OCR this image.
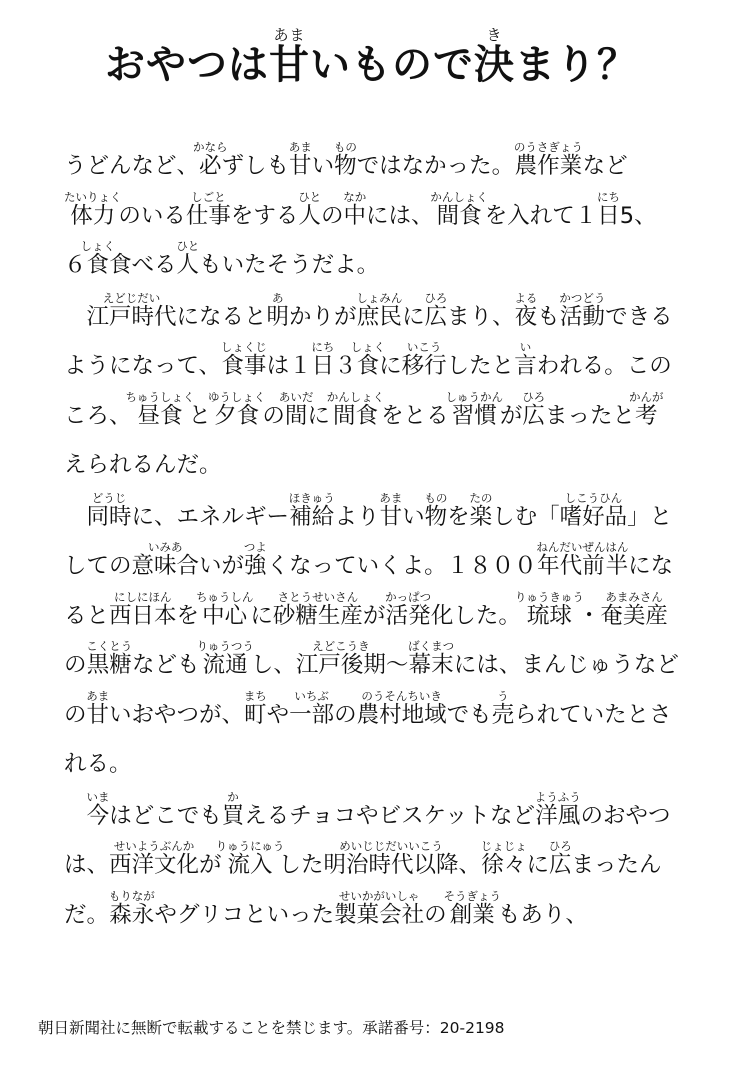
おやつは甘あまいもので決きまり？

うどんなど、必かならずしも甘あまい物ものではなかった。農作業のうさぎょうなど体力たいりょくのいる仕事しごとをする人ひとの中なかには、間食かんしょくを入れて１日にち5、６食しょく食べる人ひともいたそうだよ。

江戸時代えどじだいになると明あかりが庶民しょみんに広ひろまり、夜よるも活動かつどうできるようになって、食事しょくじは１日にち３食しょくに移行いこうしたと言いわれる。このころ、昼食ちゅうしょくと夕食ゆうしょくの間あいだに間食かんしょくをとる習慣しゅうかんが広ひろまったと考かんがえられるんだ。

同時どうじに、エネルギー補給ほきゅうより甘あまい物ものを楽たのしむ「嗜好品しこうひん」としての意味合いみあいが強つよくなっていくよ。１８００年代前ねんだいぜん半はんになると西日本にしにほんを中心ちゅうしんに砂糖生産さとうせいさんが活発かっぱつ化した。琉球りゅうきゅう・奄美産あまみさんの黒糖こくとうなども流通りゅうつうし、江戸後期えどこうき〜幕末ばくまつには、まんじゅうなどの甘あまいおやつが、町まちや一部いちぶの農村地域のうそんちいきでも売うられていたとされる。

今いまはどこでも買かえるチョコやビスケットなど洋風ようふうのおやつは、西洋文化せいようぶんかが流入りゅうにゅうした明治時代以降めいじじだいいこう、徐々じょじょに広ひろまったんだ。森永もりながやグリコといった製菓会社せいかがいしゃの創業そうぎょうもあり、

朝日新聞社に無断で転載することを禁じます。承諾番号：20-2198
